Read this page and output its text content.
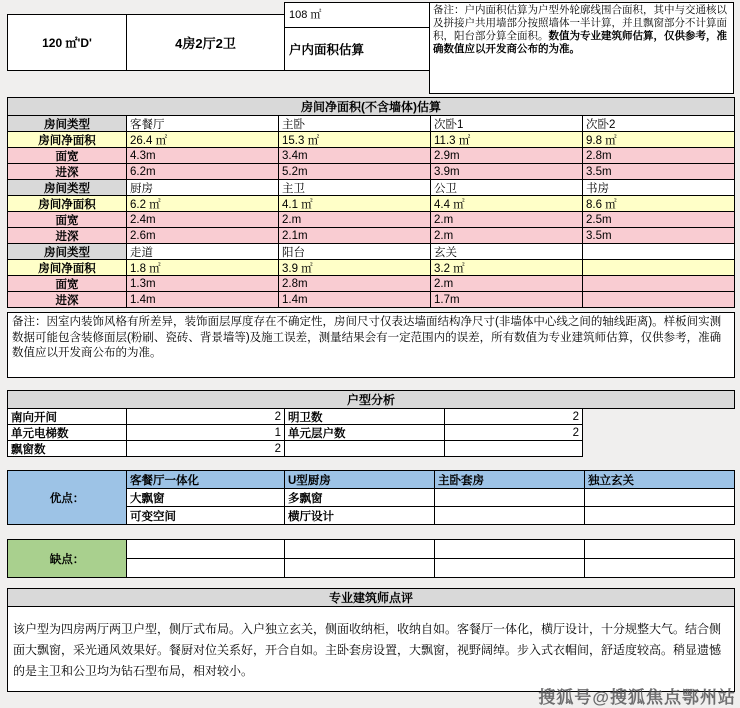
120 ㎡'D'	4房2厅2卫
108 ㎡
户内面积估算
备注：户内面积估算为户型外轮廓线围合面积，其中与交通核以及拼接户共用墙部分按照墙体一半计算，并且飘窗部分不计算面积，阳台部分算全面积。数值为专业建筑师估算，仅供参考，准确数值应以开发商公布的为准。
房间净面积(不含墙体)估算
房间类型	客餐厅	主卧	次卧1	次卧2
房间净面积	26.4 ㎡	15.3 ㎡	11.3 ㎡	9.8 ㎡
面宽	4.3m	3.4m	2.9m	2.8m
进深	6.2m	5.2m	3.9m	3.5m
房间类型	厨房	主卫	公卫	书房
房间净面积	6.2 ㎡	4.1 ㎡	4.4 ㎡	8.6 ㎡
面宽	2.4m	2.m	2.m	2.5m
进深	2.6m	2.1m	2.m	3.5m
房间类型	走道	阳台	玄关
房间净面积	1.8 ㎡	3.9 ㎡	3.2 ㎡
面宽	1.3m	2.8m	2.m
进深	1.4m	1.4m	1.7m
备注：因室内装饰风格有所差异，装饰面层厚度存在不确定性，房间尺寸仅表达墙面结构净尺寸(非墙体中心线之间的轴线距离)。样板间实测数据可能包含装修面层(粉刷、瓷砖、背景墙等)及施工误差，测量结果会有一定范围内的误差，所有数值为专业建筑师估算，仅供参考，准确数值应以开发商公布的为准。
户型分析
南向开间	2 明卫数	2
单元电梯数	1 单元层户数	2
飘窗数	2
优点：
客餐厅一体化	U型厨房	主卧套房	独立玄关
大飘窗	多飘窗
可变空间	横厅设计
缺点：
专业建筑师点评
该户型为四房两厅两卫户型，侧厅式布局。入户独立玄关，侧面收纳柜，收纳自如。客餐厅一体化，横厅设计，十分规整大气。结合侧面大飘窗，采光通风效果好。餐厨对位关系好，开合自如。主卧套房设置，大飘窗，视野阔绰。步入式衣帽间，舒适度较高。稍显遗憾的是主卫和公卫均为钻石型布局，相对较小。
搜狐号@搜狐焦点鄂州站
